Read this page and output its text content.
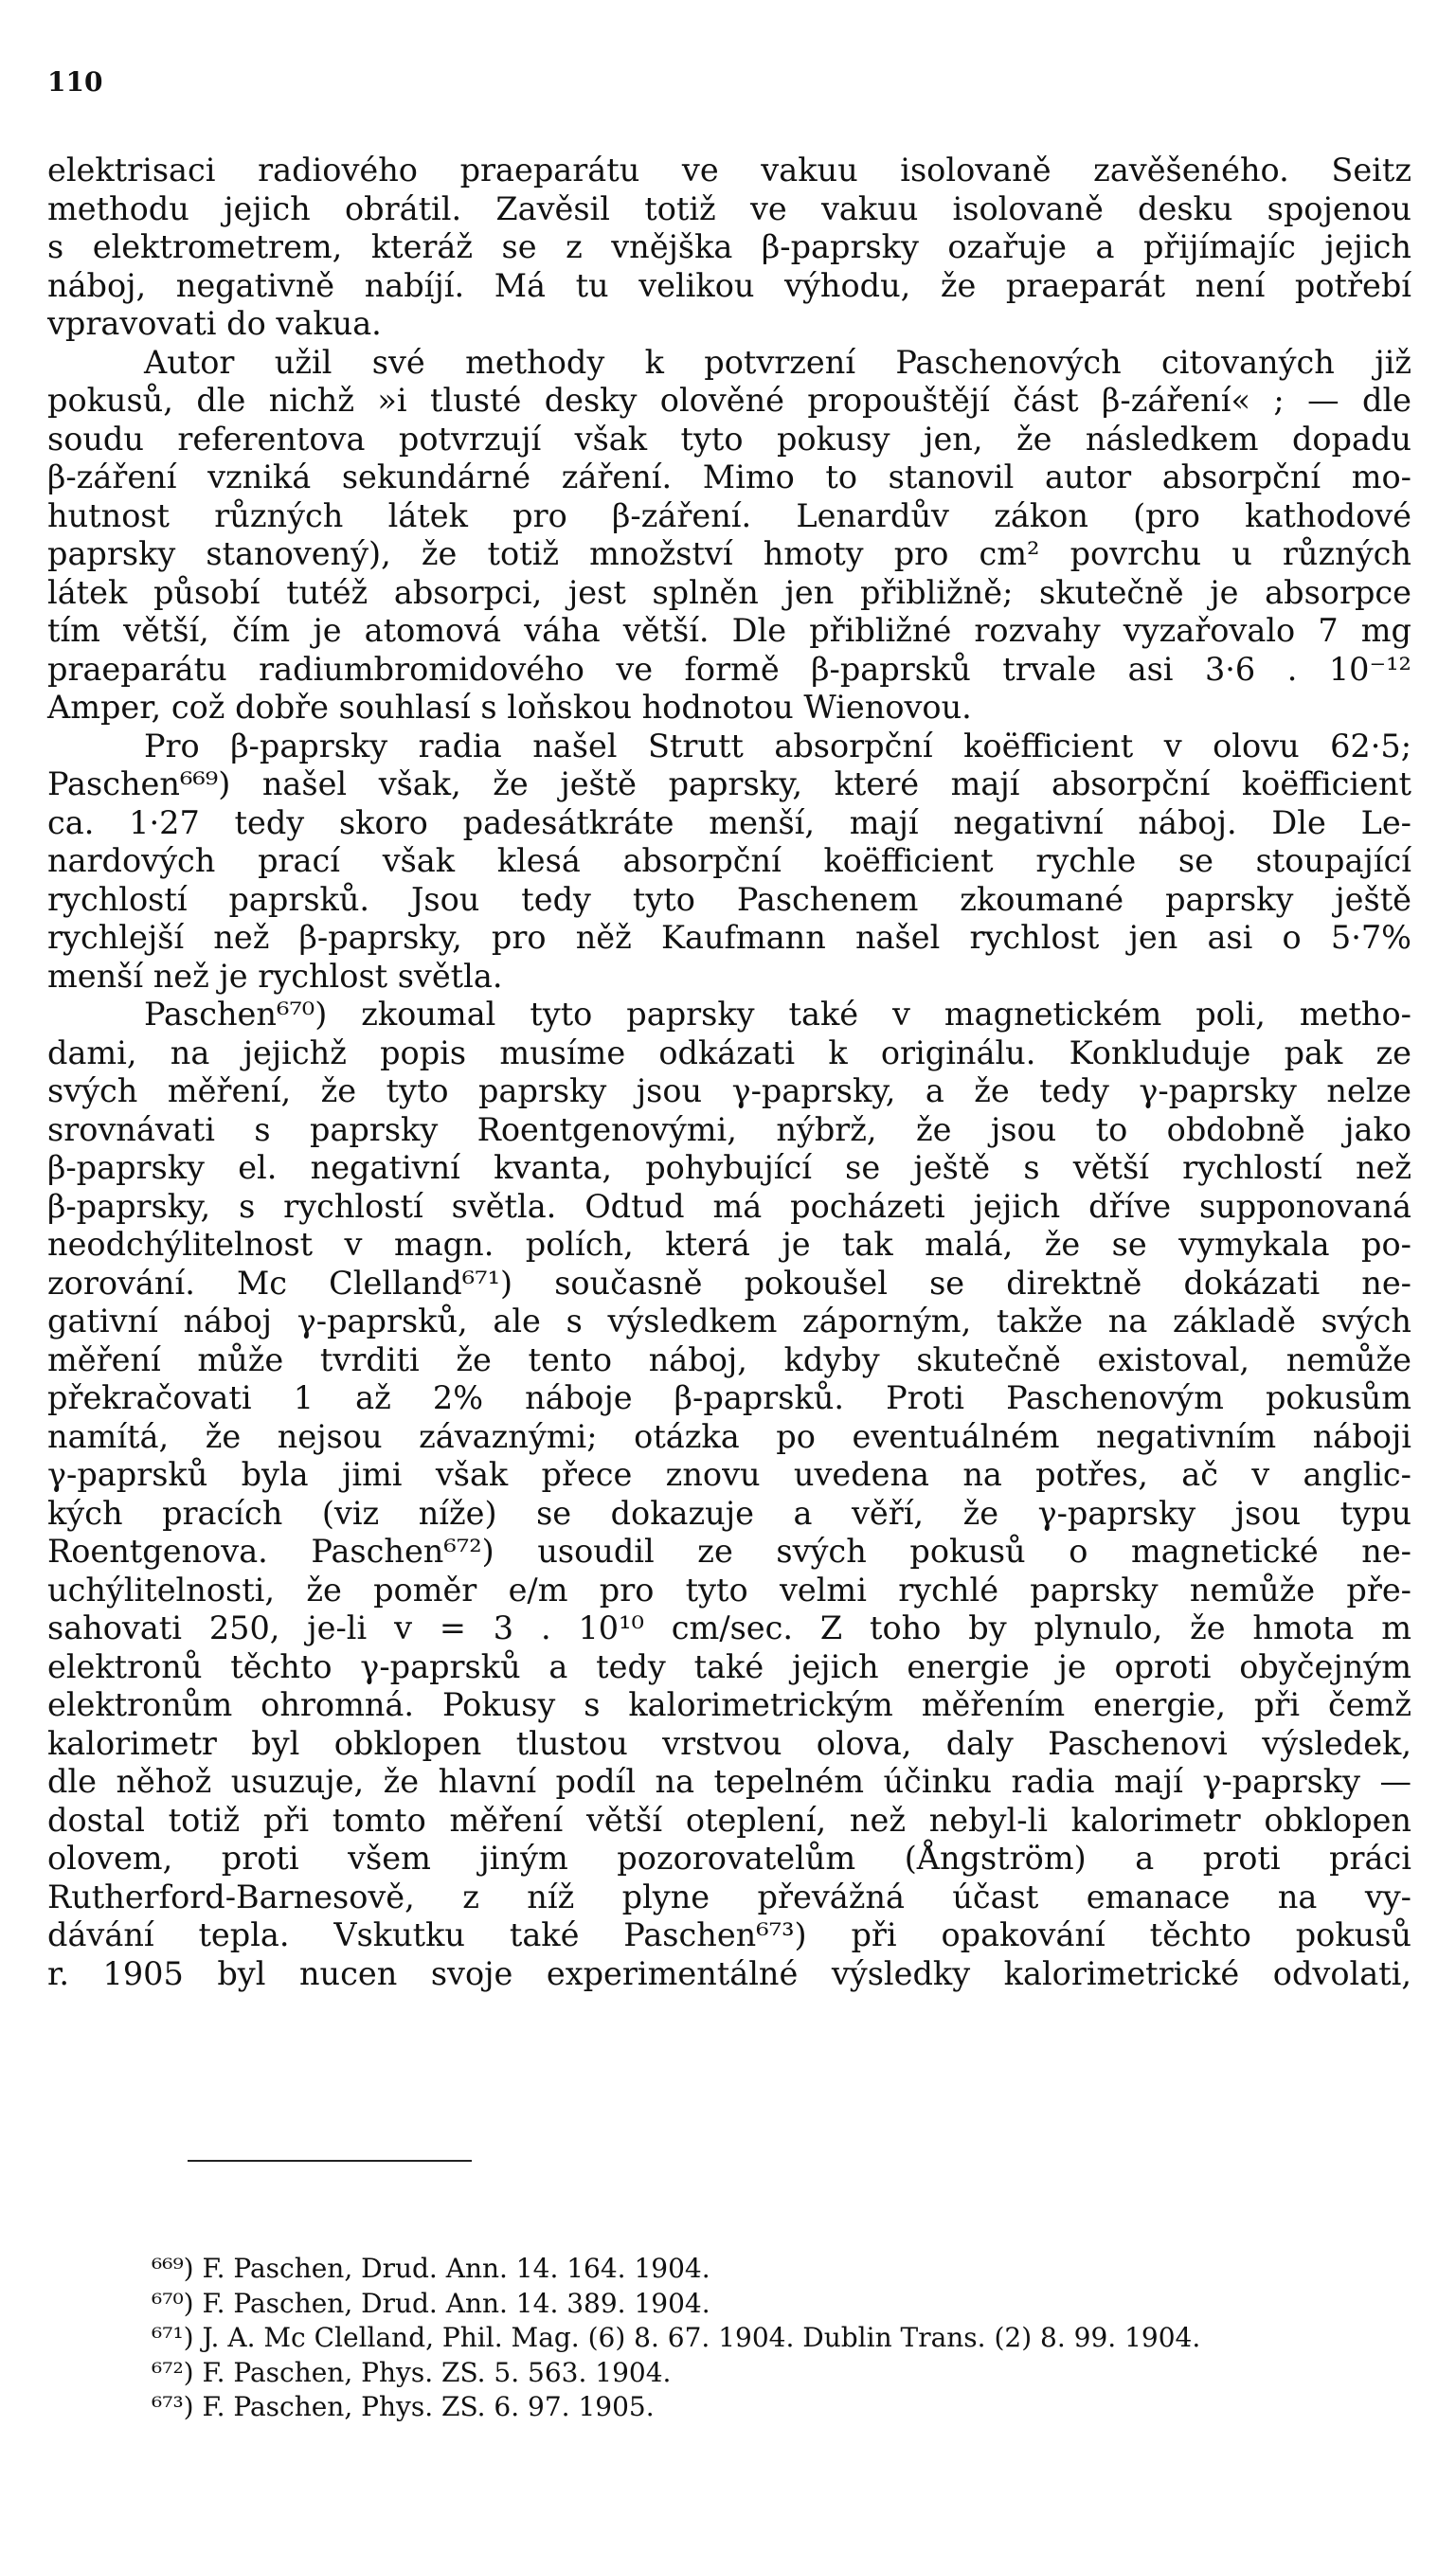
110
elektrisaci radiového praeparátu ve vakuu isolovaně zavěšeného. Seitz
methodu jejich obrátil. Zavěsil totiž ve vakuu isolovaně desku spojenou
s elektrometrem, kteráž se z vnějška β-paprsky ozařuje a přijímajíc jejich
náboj, negativně nabíjí. Má tu velikou výhodu, že praeparát není potřebí
vpravovati do vakua.
Autor užil své methody k potvrzení Paschenových citovaných již
pokusů, dle nichž »i tlusté desky olověné propouštějí část β-záření« ; — dle
soudu referentova potvrzují však tyto pokusy jen, že následkem dopadu
β-záření vzniká sekundárné záření. Mimo to stanovil autor absorpční mo-
hutnost různých látek pro β-záření. Lenardův zákon (pro kathodové
paprsky stanovený), že totiž množství hmoty pro cm² povrchu u různých
látek působí tutéž absorpci, jest splněn jen přibližně; skutečně je absorpce
tím větší, čím je atomová váha větší. Dle přibližné rozvahy vyzařovalo 7 mg
praeparátu radiumbromidového ve formě β-paprsků trvale asi 3·6 . 10⁻¹²
Amper, což dobře souhlasí s loňskou hodnotou Wienovou.
Pro β-paprsky radia našel Strutt absorpční koëfficient v olovu 62·5;
Paschen⁶⁶⁹) našel však, že ještě paprsky, které mají absorpční koëfficient
ca. 1·27 tedy skoro padesátkráte menší, mají negativní náboj. Dle Le-
nardových prací však klesá absorpční koëfficient rychle se stoupající
rychlostí paprsků. Jsou tedy tyto Paschenem zkoumané paprsky ještě
rychlejší než β-paprsky, pro něž Kaufmann našel rychlost jen asi o 5·7%
menší než je rychlost světla.
Paschen⁶⁷⁰) zkoumal tyto paprsky také v magnetickém poli, metho-
dami, na jejichž popis musíme odkázati k originálu. Konkluduje pak ze
svých měření, že tyto paprsky jsou γ-paprsky, a že tedy γ-paprsky nelze
srovnávati s paprsky Roentgenovými, nýbrž, že jsou to obdobně jako
β-paprsky el. negativní kvanta, pohybující se ještě s větší rychlostí než
β-paprsky, s rychlostí světla. Odtud má pocházeti jejich dříve supponovaná
neodchýlitelnost v magn. polích, která je tak malá, že se vymykala po-
zorování. Mc Clelland⁶⁷¹) současně pokoušel se direktně dokázati ne-
gativní náboj γ-paprsků, ale s výsledkem záporným, takže na základě svých
měření může tvrditi že tento náboj, kdyby skutečně existoval, nemůže
překračovati 1 až 2% náboje β-paprsků. Proti Paschenovým pokusům
namítá, že nejsou závaznými; otázka po eventuálném negativním náboji
γ-paprsků byla jimi však přece znovu uvedena na potřes, ač v anglic-
kých pracích (viz níže) se dokazuje a věří, že γ-paprsky jsou typu
Roentgenova. Paschen⁶⁷²) usoudil ze svých pokusů o magnetické ne-
uchýlitelnosti, že poměr e/m pro tyto velmi rychlé paprsky nemůže pře-
sahovati 250, je-li v = 3 . 10¹⁰ cm/sec. Z toho by plynulo, že hmota m
elektronů těchto γ-paprsků a tedy také jejich energie je oproti obyčejným
elektronům ohromná. Pokusy s kalorimetrickým měřením energie, při čemž
kalorimetr byl obklopen tlustou vrstvou olova, daly Paschenovi výsledek,
dle něhož usuzuje, že hlavní podíl na tepelném účinku radia mají γ-paprsky —
dostal totiž při tomto měření větší oteplení, než nebyl-li kalorimetr obklopen
olovem, proti všem jiným pozorovatelům (Ångström) a proti práci
Rutherford-Barnesově, z níž plyne převážná účast emanace na vy-
dávání tepla. Vskutku také Paschen⁶⁷³) při opakování těchto pokusů
r. 1905 byl nucen svoje experimentálné výsledky kalorimetrické odvolati,
⁶⁶⁹) F. Paschen, Drud. Ann. 14. 164. 1904.
⁶⁷⁰) F. Paschen, Drud. Ann. 14. 389. 1904.
⁶⁷¹) J. A. Mc Clelland, Phil. Mag. (6) 8. 67. 1904. Dublin Trans. (2) 8. 99. 1904.
⁶⁷²) F. Paschen, Phys. ZS. 5. 563. 1904.
⁶⁷³) F. Paschen, Phys. ZS. 6. 97. 1905.
